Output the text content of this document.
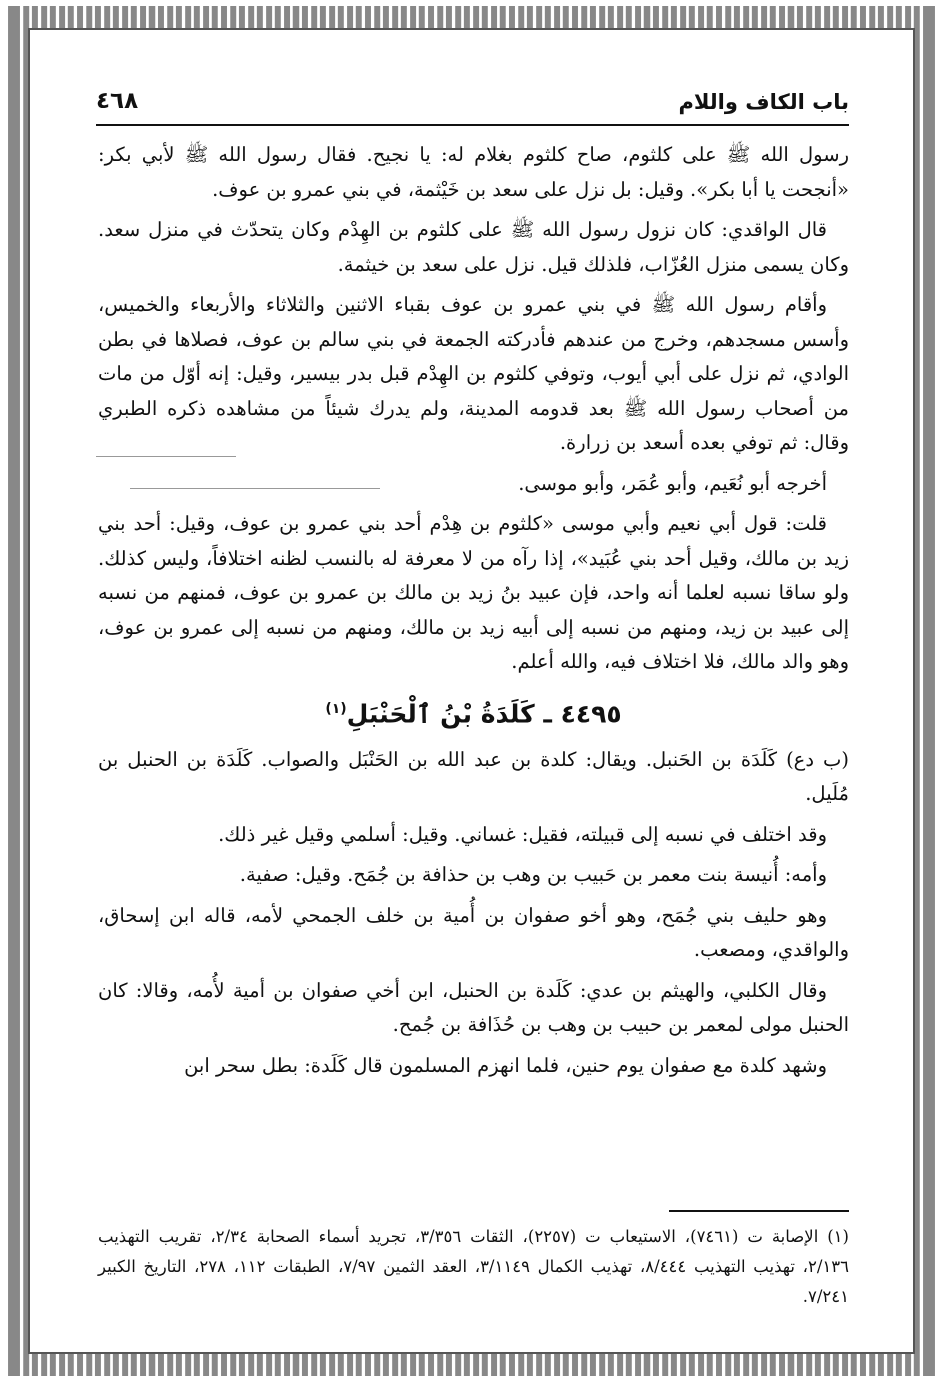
باب الكاف واللام
٤٦٨

رسول الله ﷺ على كلثوم، صاح كلثوم بغلام له: يا نجيح. فقال رسول الله ﷺ لأبي بكر: «أنجحت يا أبا بكر». وقيل: بل نزل على سعد بن خَيْثمة، في بني عمرو بن عوف.

قال الواقدي: كان نزول رسول الله ﷺ على كلثوم بن الهِدْم وكان يتحدّث في منزل سعد. وكان يسمى منزل العُزّاب، فلذلك قيل. نزل على سعد بن خيثمة.

وأقام رسول الله ﷺ في بني عمرو بن عوف بقباء الاثنين والثلاثاء والأربعاء والخميس، وأسس مسجدهم، وخرج من عندهم فأدركته الجمعة في بني سالم بن عوف، فصلاها في بطن الوادي، ثم نزل على أبي أيوب، وتوفي كلثوم بن الهِدْم قبل بدر بيسير، وقيل: إنه أوّل من مات من أصحاب رسول الله ﷺ بعد قدومه المدينة، ولم يدرك شيئاً من مشاهده ذكره الطبري وقال: ثم توفي بعده أسعد بن زرارة.

أخرجه أبو نُعَيم، وأبو عُمَر، وأبو موسى.

قلت: قول أبي نعيم وأبي موسى «كلثوم بن هِدْم أحد بني عمرو بن عوف، وقيل: أحد بني زيد بن مالك، وقيل أحد بني عُبَيد»، إذا رآه من لا معرفة له بالنسب لظنه اختلافاً، وليس كذلك. ولو ساقا نسبه لعلما أنه واحد، فإن عبيد بنُ زيد بن مالك بن عمرو بن عوف، فمنهم من نسبه إلى عبيد بن زيد، ومنهم من نسبه إلى أبيه زيد بن مالك، ومنهم من نسبه إلى عمرو بن عوف، وهو والد مالك، فلا اختلاف فيه، والله أعلم.

٤٤٩٥ ـ كَلَدَةُ بْنُ ٱلْحَنْبَلِ$^{(١)}$

(ب دع) كَلَدَة بن الحَنبل. ويقال: كلدة بن عبد الله بن الحَنْبَل والصواب. كَلَدَة بن الحنبل بن مُلَيل.

وقد اختلف في نسبه إلى قبيلته، فقيل: غساني. وقيل: أسلمي وقيل غير ذلك.

وأمه: أُنيسة بنت معمر بن حَبيب بن وهب بن حذافة بن جُمَح. وقيل: صفية.

وهو حليف بني جُمَح، وهو أخو صفوان بن أُمية بن خلف الجمحي لأمه، قاله ابن إسحاق، والواقدي، ومصعب.

وقال الكلبي، والهيثم بن عدي: كَلَدة بن الحنبل، ابن أخي صفوان بن أمية لأُمه، وقالا: كان الحنبل مولى لمعمر بن حبيب بن وهب بن حُذَافة بن جُمح.

وشهد كلدة مع صفوان يوم حنين، فلما انهزم المسلمون قال كَلَدة: بطل سحر ابن

(١) الإصابة ت (٧٤٦١)، الاستيعاب ت (٢٢٥٧)، الثقات ٣/٣٥٦، تجريد أسماء الصحابة ٢/٣٤، تقريب التهذيب ٢/١٣٦، تهذيب التهذيب ٨/٤٤٤، تهذيب الكمال ٣/١١٤٩، العقد الثمين ٧/٩٧، الطبقات ١١٢، ٢٧٨، التاريخ الكبير ٧/٢٤١.
